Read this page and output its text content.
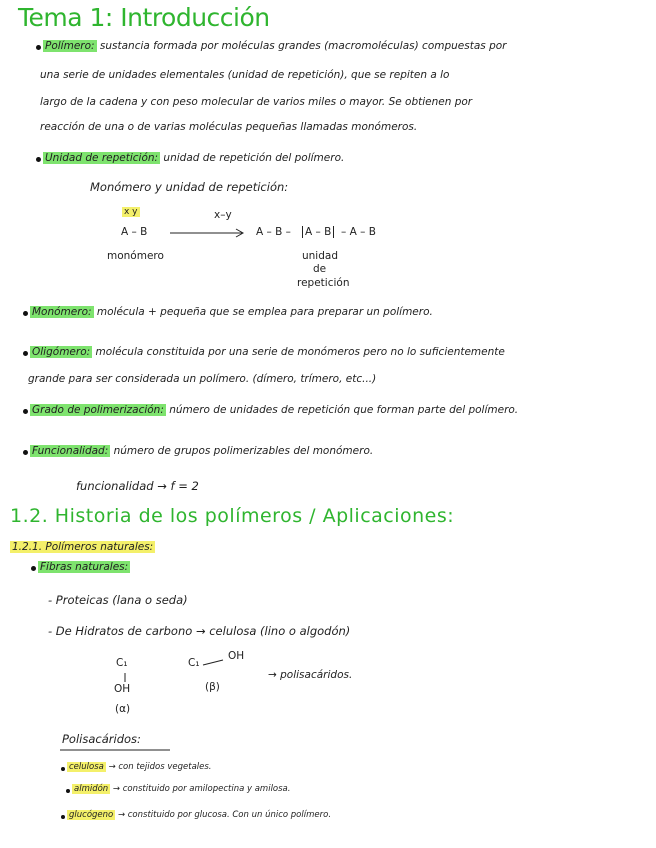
Tema 1: Introducción
Polímero: sustancia formada por moléculas grandes (macromoléculas) compuestas por
una serie de unidades elementales (unidad de repetición), que se repiten a lo
largo de la cadena y con peso molecular de varios miles o mayor. Se obtienen por
reacción de una o de varias moléculas pequeñas llamadas monómeros.
Unidad de repetición: unidad de repetición del polímero.
Monómero y unidad de repetición:
x y
A – B
monómero
x–y
A – B – A – B – A – B
unidad
de
repetición
Monómero: molécula + pequeña que se emplea para preparar un polímero.
Oligómero: molécula constituida por una serie de monómeros pero no lo suficientemente
grande para ser considerada un polímero. (dímero, trímero, etc...)
Grado de polimerización: número de unidades de repetición que forman parte del polímero.
Funcionalidad: número de grupos polimerizables del monómero.
funcionalidad → f = 2
1.2. Historia de los polímeros / Aplicaciones:
1.2.1. Polímeros naturales:
Fibras naturales:
- Proteicas (lana o seda)
- De Hidratos de carbono → celulosa (lino o algodón)
C₁
OH
(α)
C₁
OH
(β)
→ polisacáridos.
Polisacáridos:
celulosa → con tejidos vegetales.
almidón → constituido por amilopectina y amilosa.
glucógeno → constituido por glucosa. Con un único polímero.
